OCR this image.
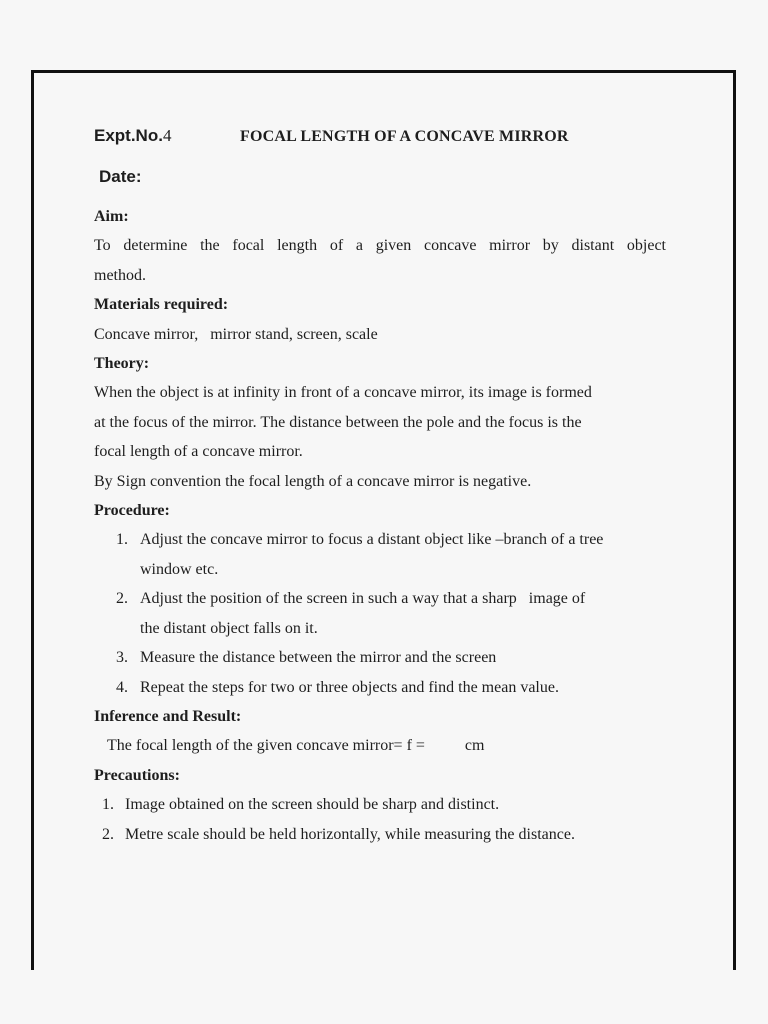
Expt.No.4	FOCAL LENGTH OF A CONCAVE MIRROR
Date:

Aim:

To determine the focal length of a given concave mirror by distant object

method.

Materials required:

Concave mirror,   mirror stand, screen, scale

Theory:

When the object is at infinity in front of a concave mirror, its image is formed

at the focus of the mirror. The distance between the pole and the focus is the

focal length of a concave mirror.

By Sign convention the focal length of a concave mirror is negative.

Procedure:

1. Adjust the concave mirror to focus a distant object like –branch of a tree
window etc.
2. Adjust the position of the screen in such a way that a sharp   image of
the distant object falls on it.
3. Measure the distance between the mirror and the screen
4. Repeat the steps for two or three objects and find the mean value.

Inference and Result:

The focal length of the given concave mirror= f =          cm

Precautions:

1. Image obtained on the screen should be sharp and distinct.
2. Metre scale should be held horizontally, while measuring the distance.
